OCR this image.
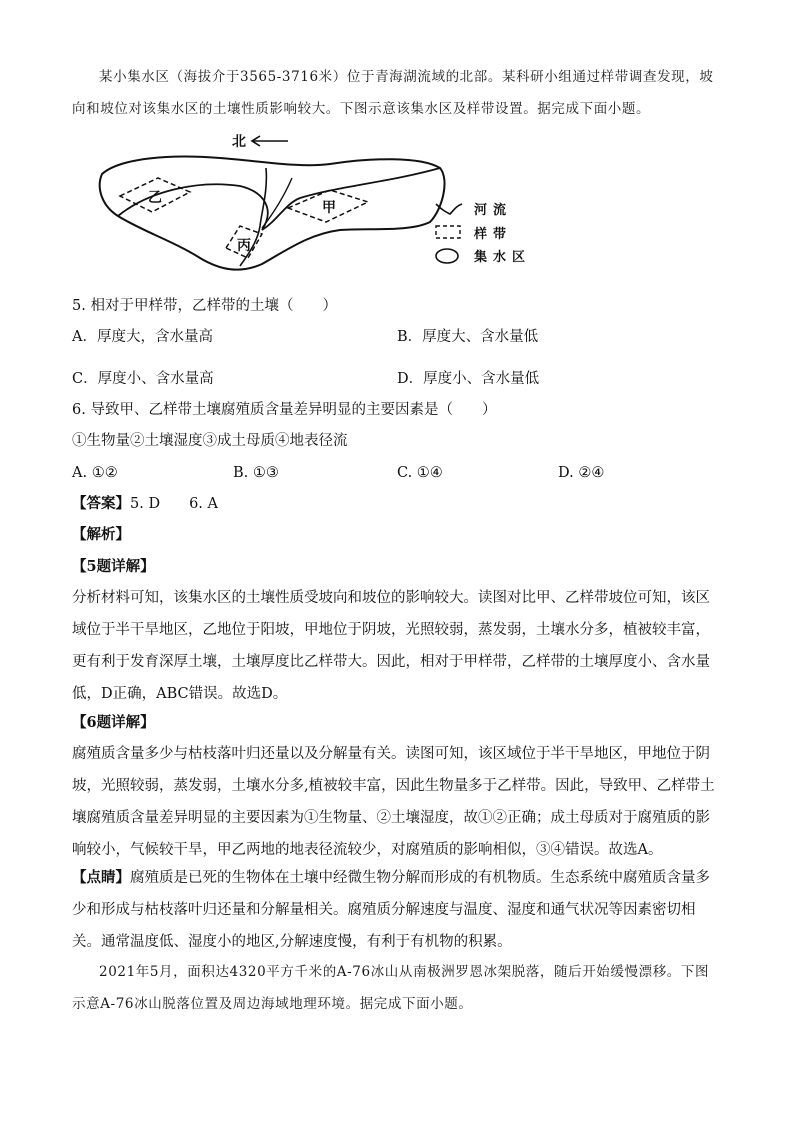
某小集水区（海拔介于3565-3716米）位于青海湖流域的北部。某科研小组通过样带调查发现，坡向和坡位对该集水区的土壤性质影响较大。下图示意该集水区及样带设置。据完成下面小题。

北
乙
甲
丙
河流
样带
集水区

5. 相对于甲样带，乙样带的土壤（　　）

A．厚度大，含水量高	B．厚度大、含水量低

C．厚度小、含水量高	D．厚度小、含水量低

6. 导致甲、乙样带土壤腐殖质含量差异明显的主要因素是（　　）

①生物量②土壤湿度③成土母质④地表径流

A. ①②	B. ①③	C. ①④	D. ②④

【答案】5. D　　6. A

【解析】

【5题详解】

分析材料可知，该集水区的土壤性质受坡向和坡位的影响较大。读图对比甲、乙样带坡位可知，该区域位于半干旱地区，乙地位于阳坡，甲地位于阴坡，光照较弱，蒸发弱，土壤水分多，植被较丰富，更有利于发育深厚土壤，土壤厚度比乙样带大。因此，相对于甲样带，乙样带的土壤厚度小、含水量低，D正确，ABC错误。故选D。

【6题详解】

腐殖质含量多少与枯枝落叶归还量以及分解量有关。读图可知，该区域位于半干旱地区，甲地位于阴坡，光照较弱，蒸发弱，土壤水分多,植被较丰富，因此生物量多于乙样带。因此，导致甲、乙样带土壤腐殖质含量差异明显的主要因素为①生物量、②土壤湿度，故①②正确；成土母质对于腐殖质的影响较小，气候较干旱，甲乙两地的地表径流较少，对腐殖质的影响相似，③④错误。故选A。

【点睛】腐殖质是已死的生物体在土壤中经微生物分解而形成的有机物质。生态系统中腐殖质含量多少和形成与枯枝落叶归还量和分解量相关。腐殖质分解速度与温度、湿度和通气状况等因素密切相关。通常温度低、湿度小的地区,分解速度慢，有利于有机物的积累。

2021年5月，面积达4320平方千米的A-76冰山从南极洲罗恩冰架脱落，随后开始缓慢漂移。下图示意A-76冰山脱落位置及周边海域地理环境。据完成下面小题。
